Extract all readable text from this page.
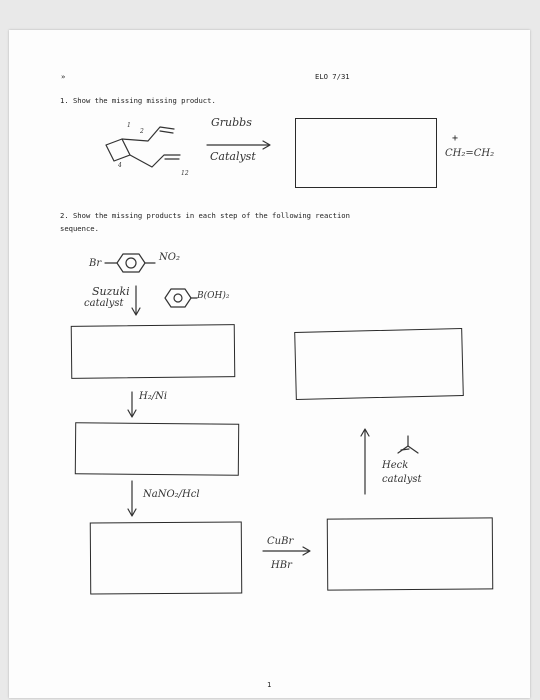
»	ELO 7/31
1. Show the missing missing product.
1
2
4
12
Grubbs
Catalyst
+
CH₂=CH₂
2. Show the missing products in each step of the following reaction
sequence.
Br
NO₂
Suzuki
catalyst
B(OH)₂
H₂/Ni
NaNO₂/Hcl
CuBr
HBr
Heck
catalyst
1
